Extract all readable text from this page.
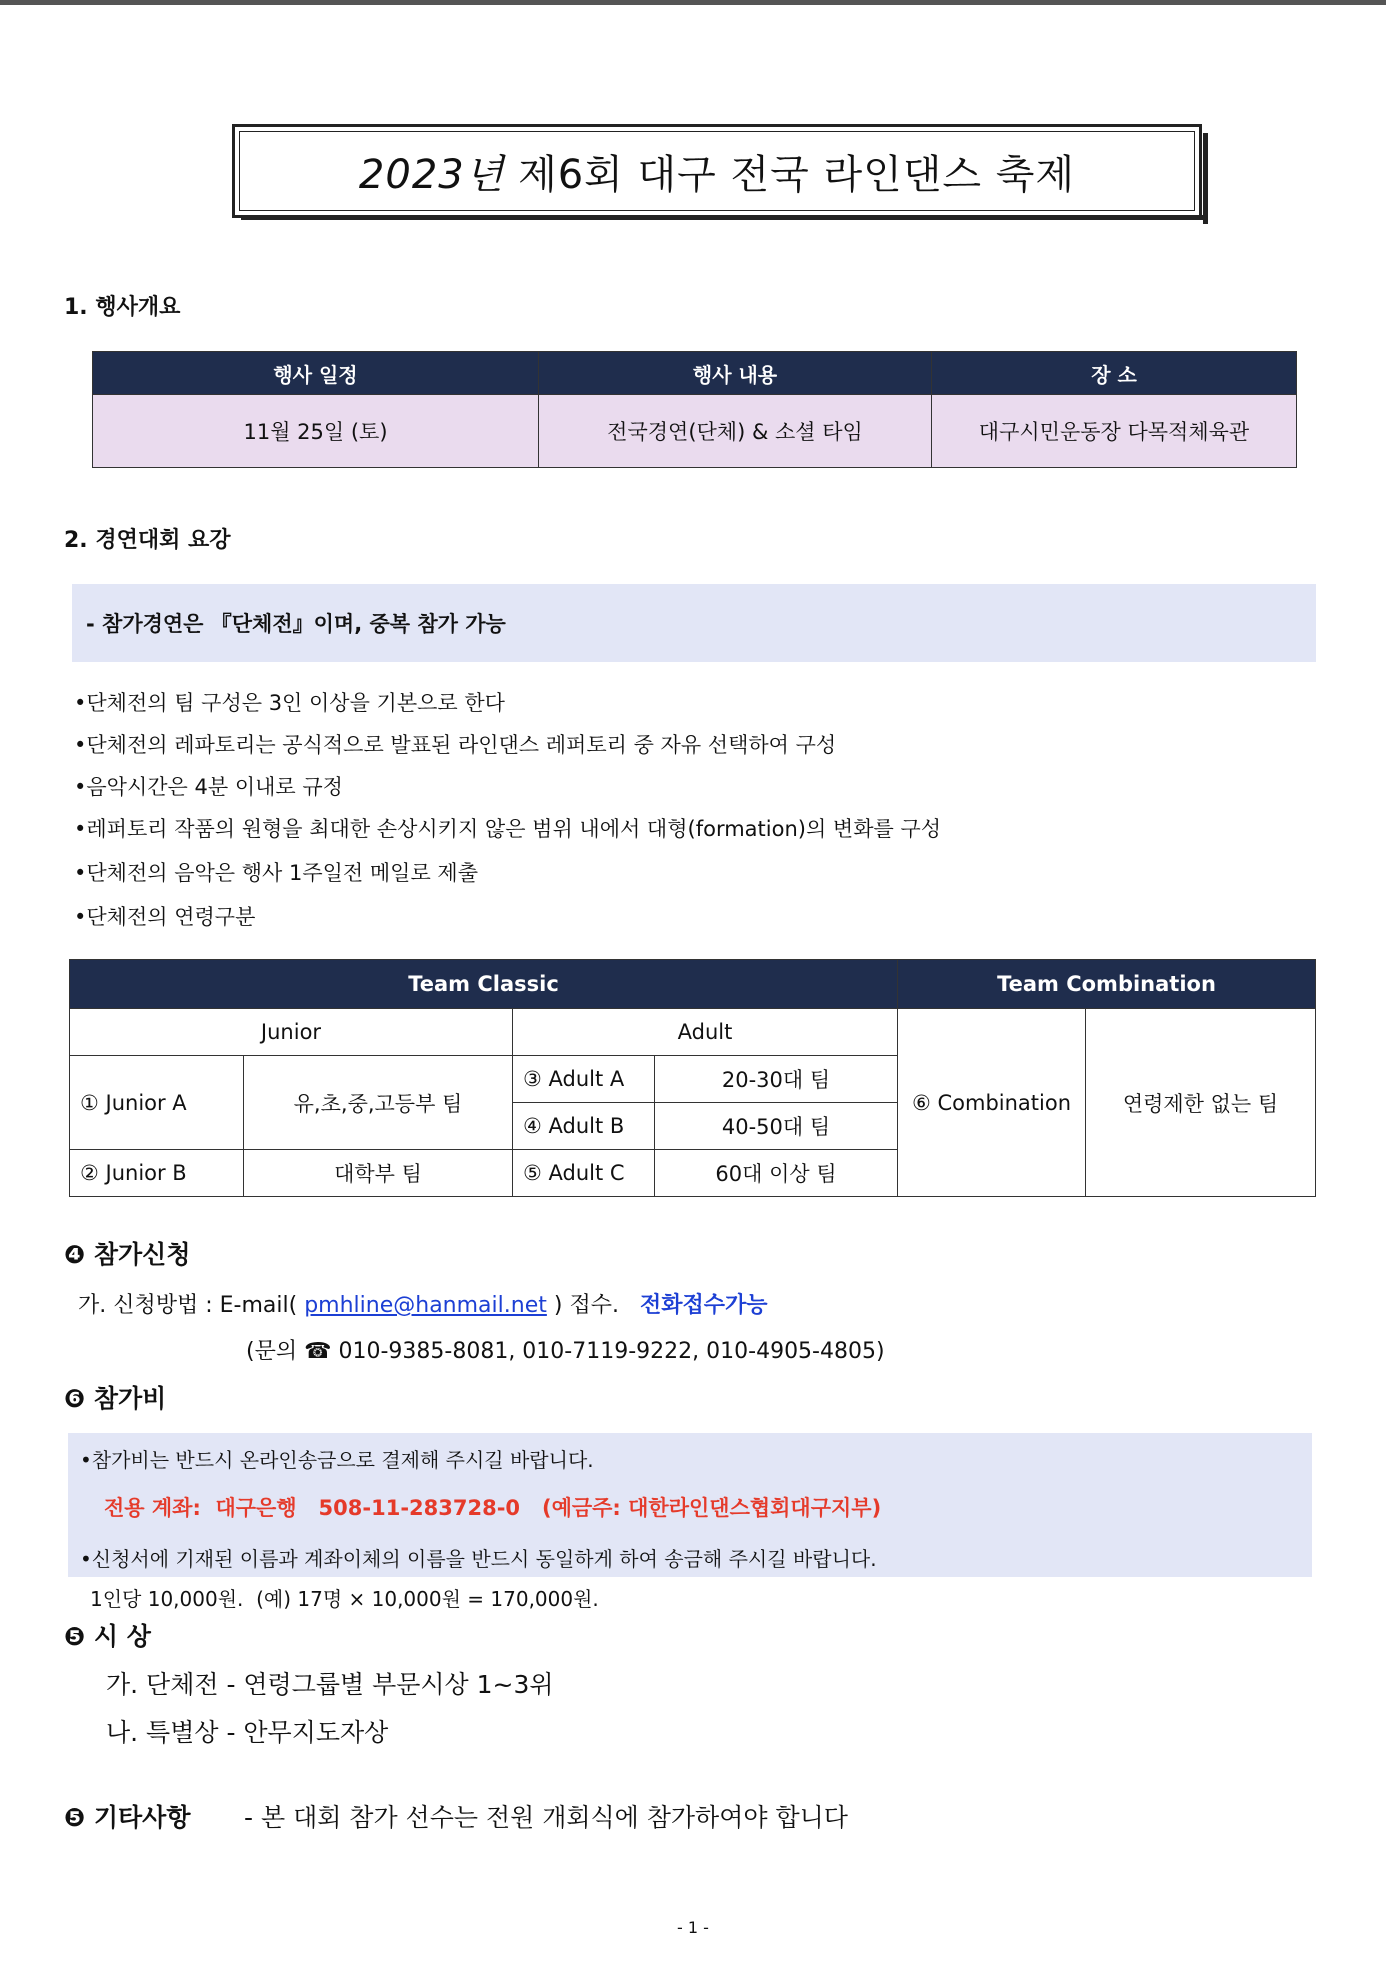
2023년
제6회 대구 전국 라인댄스 축제
1. 행사개요
행사 일정	행사 내용	장 소
11월 25일 (토)	전국경연(단체) & 소셜 타임	대구시민운동장 다목적체육관
2. 경연대회 요강
- 참가경연은 『단체전』이며, 중복 참가 가능
•단체전의 팀 구성은 3인 이상을 기본으로 한다
•단체전의 레파토리는 공식적으로 발표된 라인댄스 레퍼토리 중 자유 선택하여 구성
•음악시간은 4분 이내로 규정
•레퍼토리 작품의 원형을 최대한 손상시키지 않은 범위 내에서 대형(formation)의 변화를 구성
•단체전의 음악은 행사 1주일전 메일로 제출
•단체전의 연령구분
Team Classic				Team Combination	
Junior		Adult		⑥ Combination	연령제한 없는 팀
① Junior A	유,초,중,고등부 팀	③ Adult A	20-30대 팀		
		④ Adult B	40-50대 팀		
② Junior B	대학부 팀	⑤ Adult C	60대 이상 팀		
❹ 참가신청
가. 신청방법 : E-mail( pmhline@hanmail.net ) 접수. 전화접수가능
(문의 ☎ 010-9385-8081, 010-7119-9222, 010-4905-4805)
❻ 참가비
•참가비는 반드시 온라인송금으로 결제해 주시길 바랍니다.
전용 계좌:  대구은행   508-11-283728-0   (예금주: 대한라인댄스협회대구지부)
•신청서에 기재된 이름과 계좌이체의 이름을 반드시 동일하게 하여 송금해 주시길 바랍니다.
1인당 10,000원.  (예) 17명 × 10,000원 = 170,000원.
❺ 시 상
가. 단체전 - 연령그룹별 부문시상 1~3위
나. 특별상 - 안무지도자상
❺ 기타사항 - 본 대회 참가 선수는 전원 개회식에 참가하여야 합니다
- 1 -
